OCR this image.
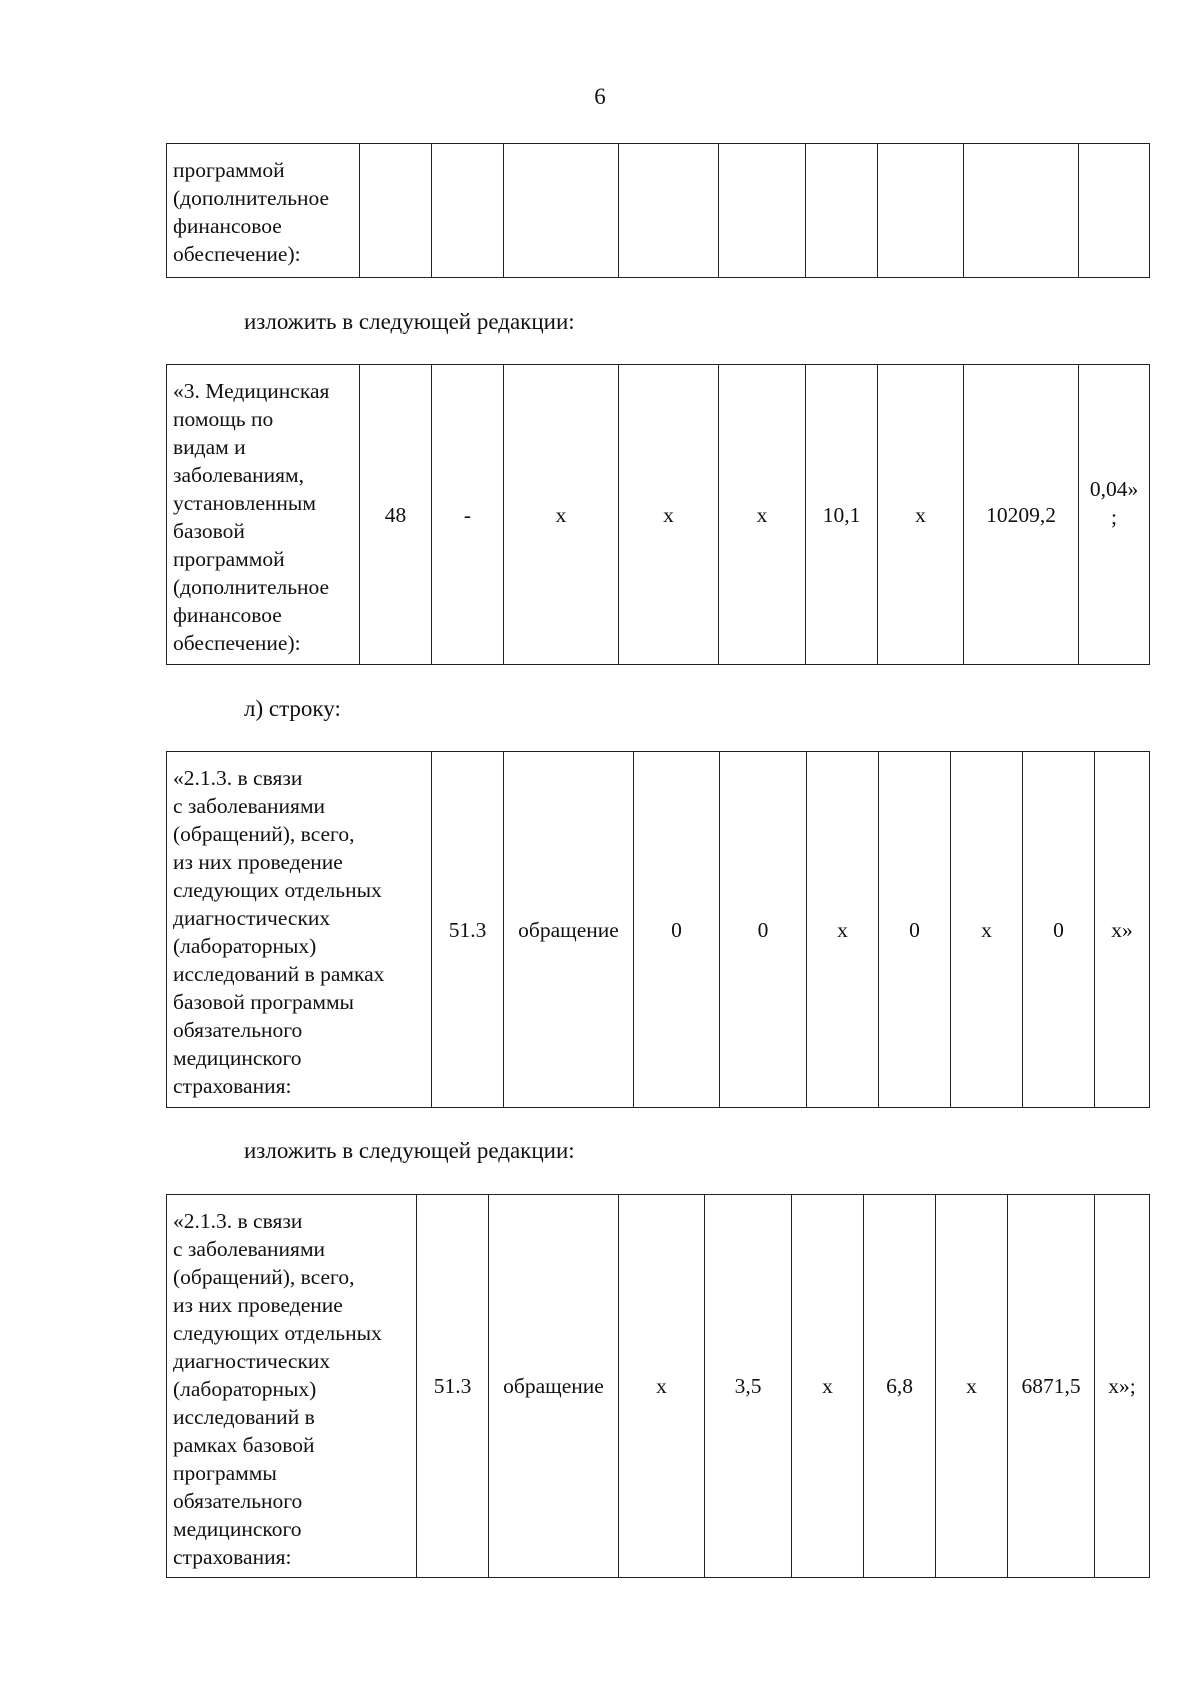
6
программой
(дополнительное
финансовое
обеспечение):									
изложить в следующей редакции:
«3. Медицинская
помощь по
видам и
заболеваниям,
установленным
базовой
программой
(дополнительное
финансовое
обеспечение):	48	-	х	х	х	10,1	х	10209,2	0,04»
;
л) строку:
«2.1.3. в связи
с заболеваниями
(обращений), всего,
из них проведение
следующих отдельных
диагностических
(лабораторных)
исследований в рамках
базовой программы
обязательного
медицинского
страхования:	51.3	обращение	0	0	х	0	х	0	х»
изложить в следующей редакции:
«2.1.3. в связи
с заболеваниями
(обращений), всего,
из них проведение
следующих отдельных
диагностических
(лабораторных)
исследований в
рамках базовой
программы
обязательного
медицинского
страхования:	51.3	обращение	х	3,5	х	6,8	х	6871,5	х»;
